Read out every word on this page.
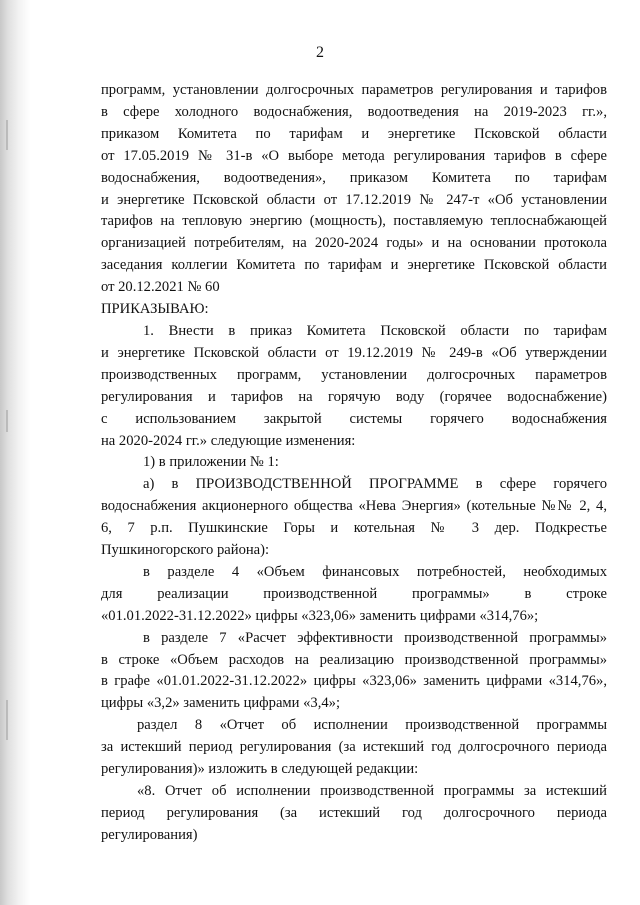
2
программ, установлении долгосрочных параметров регулирования и тарифов
в сфере холодного водоснабжения, водоотведения на 2019-2023 гг.»,
приказом Комитета по тарифам и энергетике Псковской области
от 17.05.2019 № 31-в «О выборе метода регулирования тарифов в сфере
водоснабжения, водоотведения», приказом Комитета по тарифам
и энергетике Псковской области от 17.12.2019 № 247-т «Об установлении
тарифов на тепловую энергию (мощность), поставляемую теплоснабжающей
организацией потребителям, на 2020-2024 годы» и на основании протокола
заседания коллегии Комитета по тарифам и энергетике Псковской области
от 20.12.2021 № 60
ПРИКАЗЫВАЮ:
1. Внести в приказ Комитета Псковской области по тарифам
и энергетике Псковской области от 19.12.2019 № 249-в «Об утверждении
производственных программ, установлении долгосрочных параметров
регулирования и тарифов на горячую воду (горячее водоснабжение)
с использованием закрытой системы горячего водоснабжения
на 2020-2024 гг.» следующие изменения:
1) в приложении № 1:
а) в ПРОИЗВОДСТВЕННОЙ ПРОГРАММЕ в сфере горячего
водоснабжения акционерного общества «Нева Энергия» (котельные №№ 2, 4,
6, 7 р.п. Пушкинские Горы и котельная № 3 дер. Подкрестье
Пушкиногорского района):
в разделе 4 «Объем финансовых потребностей, необходимых
для реализации производственной программы» в строке
«01.01.2022-31.12.2022» цифры «323,06» заменить цифрами «314,76»;
в разделе 7 «Расчет эффективности производственной программы»
в строке «Объем расходов на реализацию производственной программы»
в графе «01.01.2022-31.12.2022» цифры «323,06» заменить цифрами «314,76»,
цифры «3,2» заменить цифрами «3,4»;
раздел 8 «Отчет об исполнении производственной программы
за истекший период регулирования (за истекший год долгосрочного периода
регулирования)» изложить в следующей редакции:
«8. Отчет об исполнении производственной программы за истекший
период регулирования (за истекший год долгосрочного периода
регулирования)
